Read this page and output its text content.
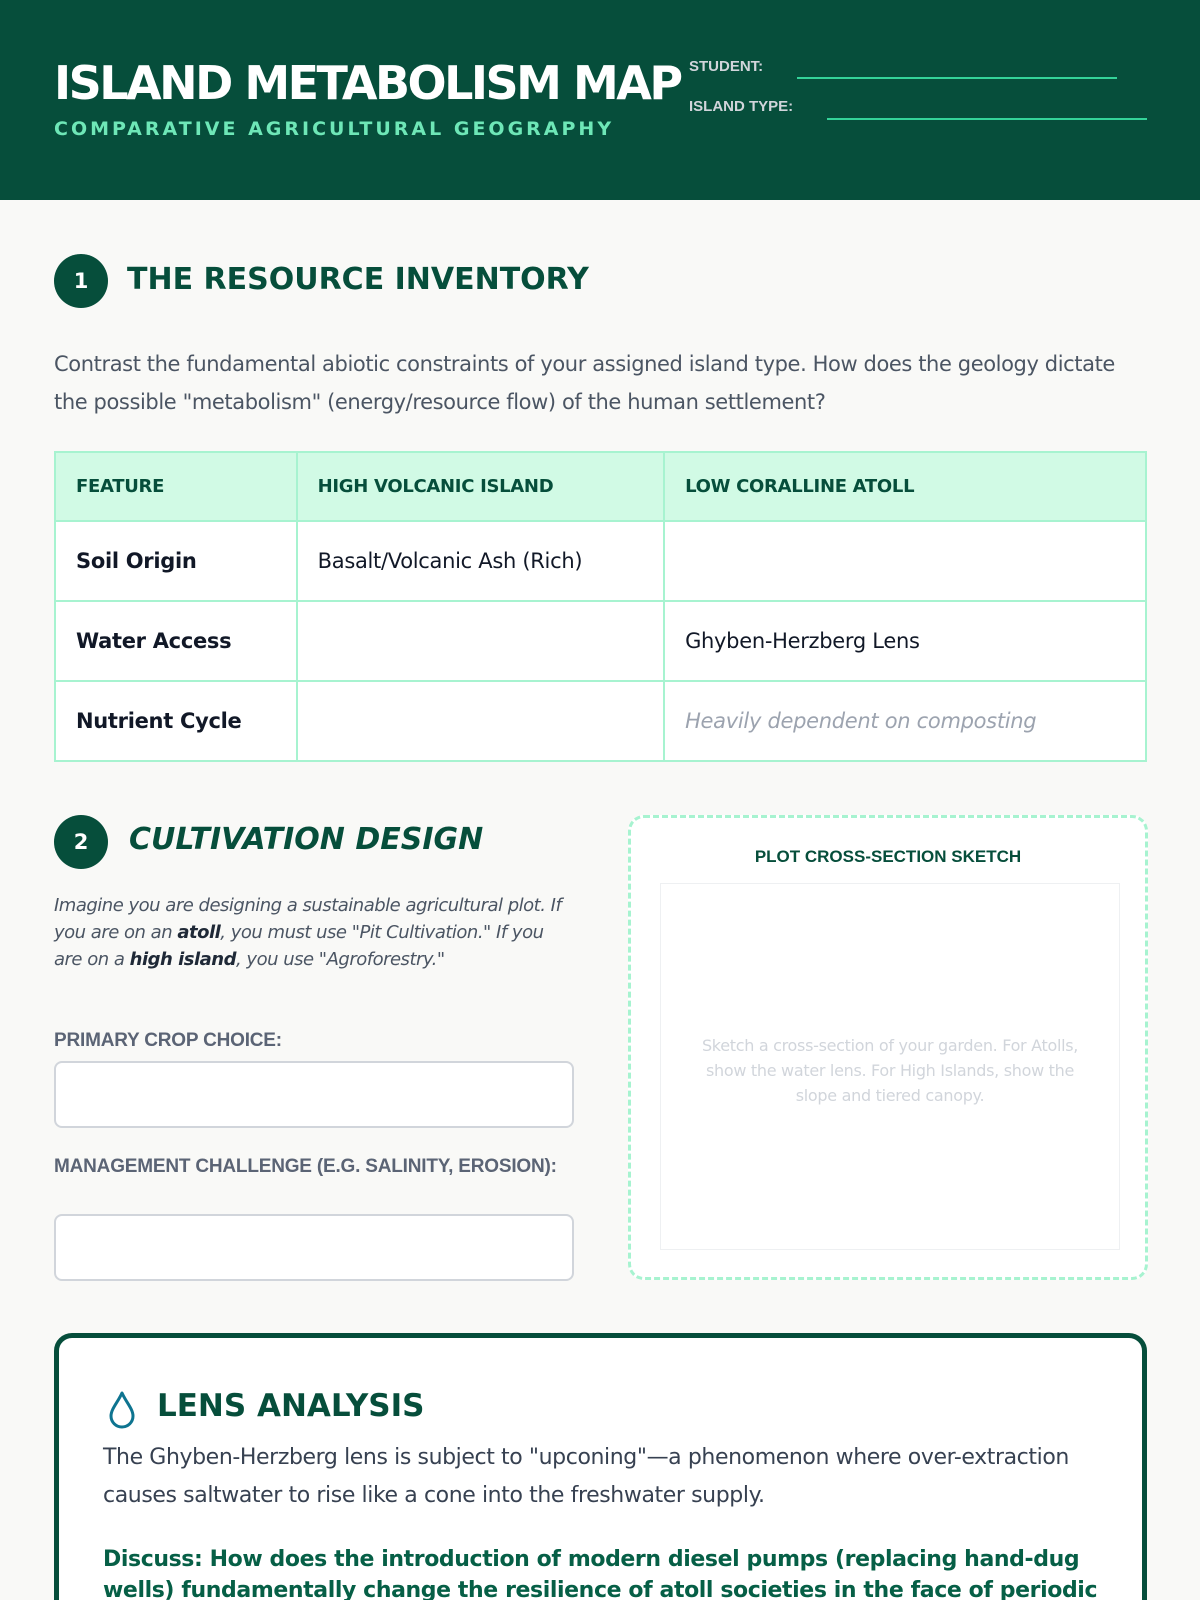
ISLAND METABOLISM MAP
COMPARATIVE AGRICULTURAL GEOGRAPHY
STUDENT:
ISLAND TYPE:
1	THE RESOURCE INVENTORY
Contrast the fundamental abiotic constraints of your assigned island type. How does the geology dictate the possible "metabolism" (energy/resource flow) of the human settlement?
FEATURE	HIGH VOLCANIC ISLAND	LOW CORALLINE ATOLL
Soil Origin	Basalt/Volcanic Ash (Rich)	
Water Access		Ghyben-Herzberg Lens
Nutrient Cycle		Heavily dependent on composting
2	CULTIVATION DESIGN
Imagine you are designing a sustainable agricultural plot. If you are on an atoll, you must use "Pit Cultivation." If you are on a high island, you use "Agroforestry."
PRIMARY CROP CHOICE:
MANAGEMENT CHALLENGE (E.G. SALINITY, EROSION):
PLOT CROSS-SECTION SKETCH
Sketch a cross-section of your garden. For Atolls, show the water lens. For High Islands, show the slope and tiered canopy.
LENS ANALYSIS
The Ghyben-Herzberg lens is subject to "upconing"—a phenomenon where over-extraction causes saltwater to rise like a cone into the freshwater supply.
Discuss: How does the introduction of modern diesel pumps (replacing hand-dug wells) fundamentally change the resilience of atoll societies in the face of periodic
